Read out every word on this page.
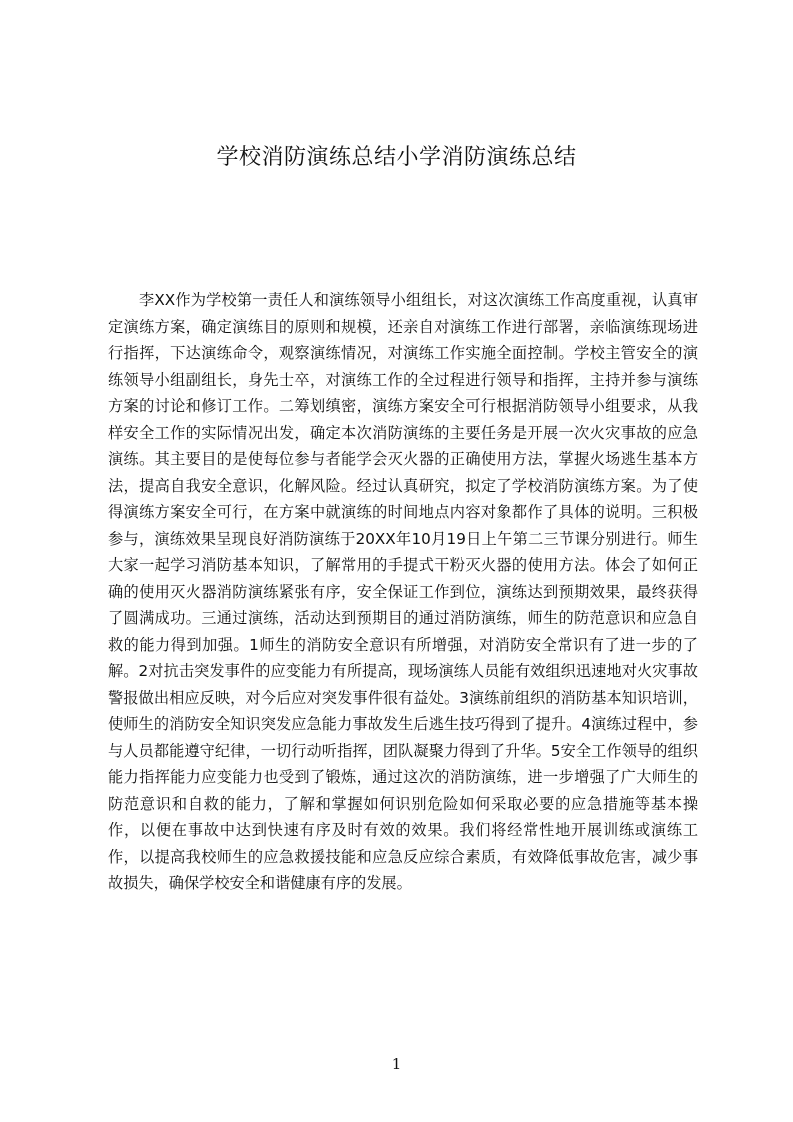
学校消防演练总结小学消防演练总结

李XX作为学校第一责任人和演练领导小组组长，对这次演练工作高度重视，认真审定演练方案，确定演练目的原则和规模，还亲自对演练工作进行部署，亲临演练现场进行指挥，下达演练命令，观察演练情况，对演练工作实施全面控制。学校主管安全的演练领导小组副组长，身先士卒，对演练工作的全过程进行领导和指挥，主持并参与演练方案的讨论和修订工作。二筹划缜密，演练方案安全可行根据消防领导小组要求，从我样安全工作的实际情况出发，确定本次消防演练的主要任务是开展一次火灾事故的应急演练。其主要目的是使每位参与者能学会灭火器的正确使用方法，掌握火场逃生基本方法，提高自我安全意识，化解风险。经过认真研究，拟定了学校消防演练方案。为了使得演练方案安全可行，在方案中就演练的时间地点内容对象都作了具体的说明。三积极参与，演练效果呈现良好消防演练于20XX年10月19日上午第二三节课分别进行。师生大家一起学习消防基本知识，了解常用的手提式干粉灭火器的使用方法。体会了如何正确的使用灭火器消防演练紧张有序，安全保证工作到位，演练达到预期效果，最终获得了圆满成功。三通过演练，活动达到预期目的通过消防演练，师生的防范意识和应急自救的能力得到加强。1师生的消防安全意识有所增强，对消防安全常识有了进一步的了解。2对抗击突发事件的应变能力有所提高，现场演练人员能有效组织迅速地对火灾事故警报做出相应反映，对今后应对突发事件很有益处。3演练前组织的消防基本知识培训，使师生的消防安全知识突发应急能力事故发生后逃生技巧得到了提升。4演练过程中，参与人员都能遵守纪律，一切行动听指挥，团队凝聚力得到了升华。5安全工作领导的组织能力指挥能力应变能力也受到了锻炼，通过这次的消防演练，进一步增强了广大师生的防范意识和自救的能力，了解和掌握如何识别危险如何采取必要的应急措施等基本操作，以便在事故中达到快速有序及时有效的效果。我们将经常性地开展训练或演练工作，以提高我校师生的应急救援技能和应急反应综合素质，有效降低事故危害，减少事故损失，确保学校安全和谐健康有序的发展。

1
